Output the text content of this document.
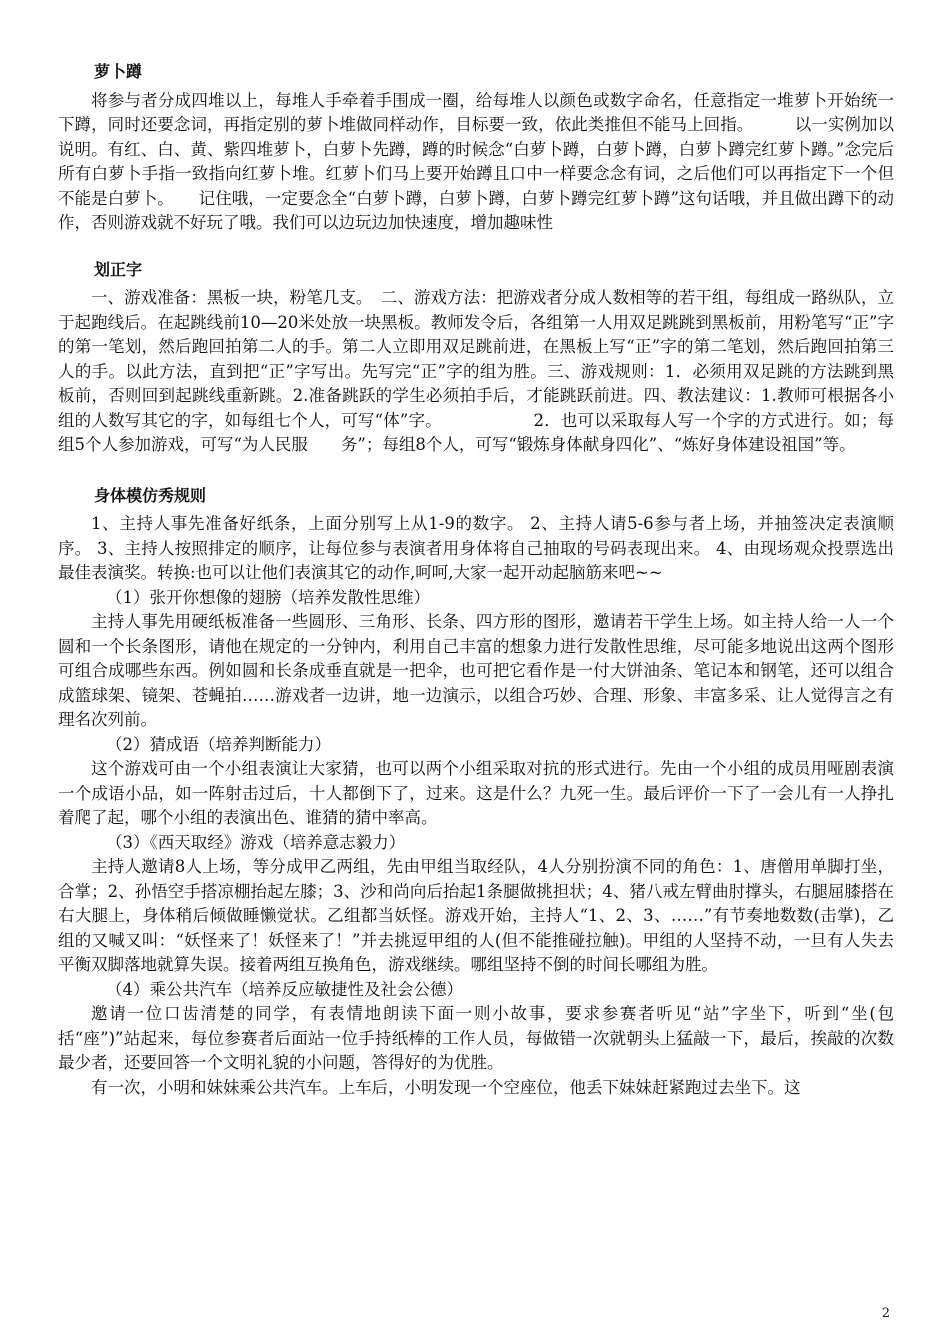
萝卜蹲

将参与者分成四堆以上，每堆人手牵着手围成一圈，给每堆人以颜色或数字命名，任意指定一堆萝卜开始统一下蹲，同时还要念词，再指定别的萝卜堆做同样动作，目标要一致，依此类推但不能马上回指。　　　以一实例加以说明。有红、白、黄、紫四堆萝卜，白萝卜先蹲，蹲的时候念“白萝卜蹲，白萝卜蹲，白萝卜蹲完红萝卜蹲。”念完后所有白萝卜手指一致指向红萝卜堆。红萝卜们马上要开始蹲且口中一样要念念有词，之后他们可以再指定下一个但不能是白萝卜。　　记住哦，一定要念全“白萝卜蹲，白萝卜蹲，白萝卜蹲完红萝卜蹲”这句话哦，并且做出蹲下的动作，否则游戏就不好玩了哦。我们可以边玩边加快速度，增加趣味性

划正字

一、游戏准备：黑板一块，粉笔几支。　二、游戏方法：把游戏者分成人数相等的若干组，每组成一路纵队，立于起跑线后。在起跳线前10—20米处放一块黑板。教师发令后，各组第一人用双足跳跳到黑板前，用粉笔写“正”字的第一笔划，然后跑回拍第二人的手。第二人立即用双足跳前进，在黑板上写“正”字的第二笔划，然后跑回拍第三人的手。以此方法，直到把“正”字写出。先写完“正”字的组为胜。三、游戏规则：1．必须用双足跳的方法跳到黑板前，否则回到起跳线重新跳。2.准备跳跃的学生必须拍手后，才能跳跃前进。四、教法建议：1.教师可根据各小组的人数写其它的字，如每组七个人，可写“体”字。　　　　　　2．也可以采取每人写一个字的方式进行。如；每组5个人参加游戏，可写“为人民服　　务”；每组8个人，可写“锻炼身体献身四化”、“炼好身体建设祖国”等。

身体模仿秀规则

1、主持人事先准备好纸条，上面分别写上从1-9的数字。 2、主持人请5-6参与者上场，并抽签决定表演顺序。 3、主持人按照排定的顺序，让每位参与表演者用身体将自己抽取的号码表现出来。 4、由现场观众投票选出最佳表演奖。转换:也可以让他们表演其它的动作,呵呵,大家一起开动起脑筋来吧~~

（1）张开你想像的翅膀（培养发散性思维）

主持人事先用硬纸板准备一些圆形、三角形、长条、四方形的图形，邀请若干学生上场。如主持人给一人一个圆和一个长条图形，请他在规定的一分钟内，利用自己丰富的想象力进行发散性思维，尽可能多地说出这两个图形可组合成哪些东西。例如圆和长条成垂直就是一把伞，也可把它看作是一付大饼油条、笔记本和钢笔，还可以组合成篮球架、镜架、苍蝇拍……游戏者一边讲，地一边演示，以组合巧妙、合理、形象、丰富多采、让人觉得言之有理名次列前。

（2）猜成语（培养判断能力）

这个游戏可由一个小组表演让大家猜，也可以两个小组采取对抗的形式进行。先由一个小组的成员用哑剧表演一个成语小品，如一阵射击过后，十人都倒下了，过来。这是什么？九死一生。最后评价一下了一会儿有一人挣扎着爬了起，哪个小组的表演出色、谁猜的猜中率高。

（3）《西天取经》游戏（培养意志毅力）

主持人邀请8人上场，等分成甲乙两组，先由甲组当取经队，4人分别扮演不同的角色：1、唐僧用单脚打坐，合掌；2、孙悟空手搭凉棚抬起左膝；3、沙和尚向后抬起1条腿做挑担状；4、猪八戒左臂曲肘撑头，右腿屈膝搭在右大腿上，身体稍后倾做睡懒觉状。乙组都当妖怪。游戏开始，主持人“1、2、3、……”有节奏地数数(击掌)，乙组的又喊又叫：“妖怪来了！妖怪来了！”并去挑逗甲组的人(但不能推碰拉触)。甲组的人坚持不动，一旦有人失去平衡双脚落地就算失误。接着两组互换角色，游戏继续。哪组坚持不倒的时间长哪组为胜。

（4）乘公共汽车（培养反应敏捷性及社会公德）

邀请一位口齿清楚的同学，有表情地朗读下面一则小故事，要求参赛者听见“站”字坐下，听到“坐(包括“座”)”站起来，每位参赛者后面站一位手持纸棒的工作人员，每做错一次就朝头上猛敲一下，最后，挨敲的次数最少者，还要回答一个文明礼貌的小问题，答得好的为优胜。

有一次，小明和妹妹乘公共汽车。上车后，小明发现一个空座位，他丢下妹妹赶紧跑过去坐下。这

2
